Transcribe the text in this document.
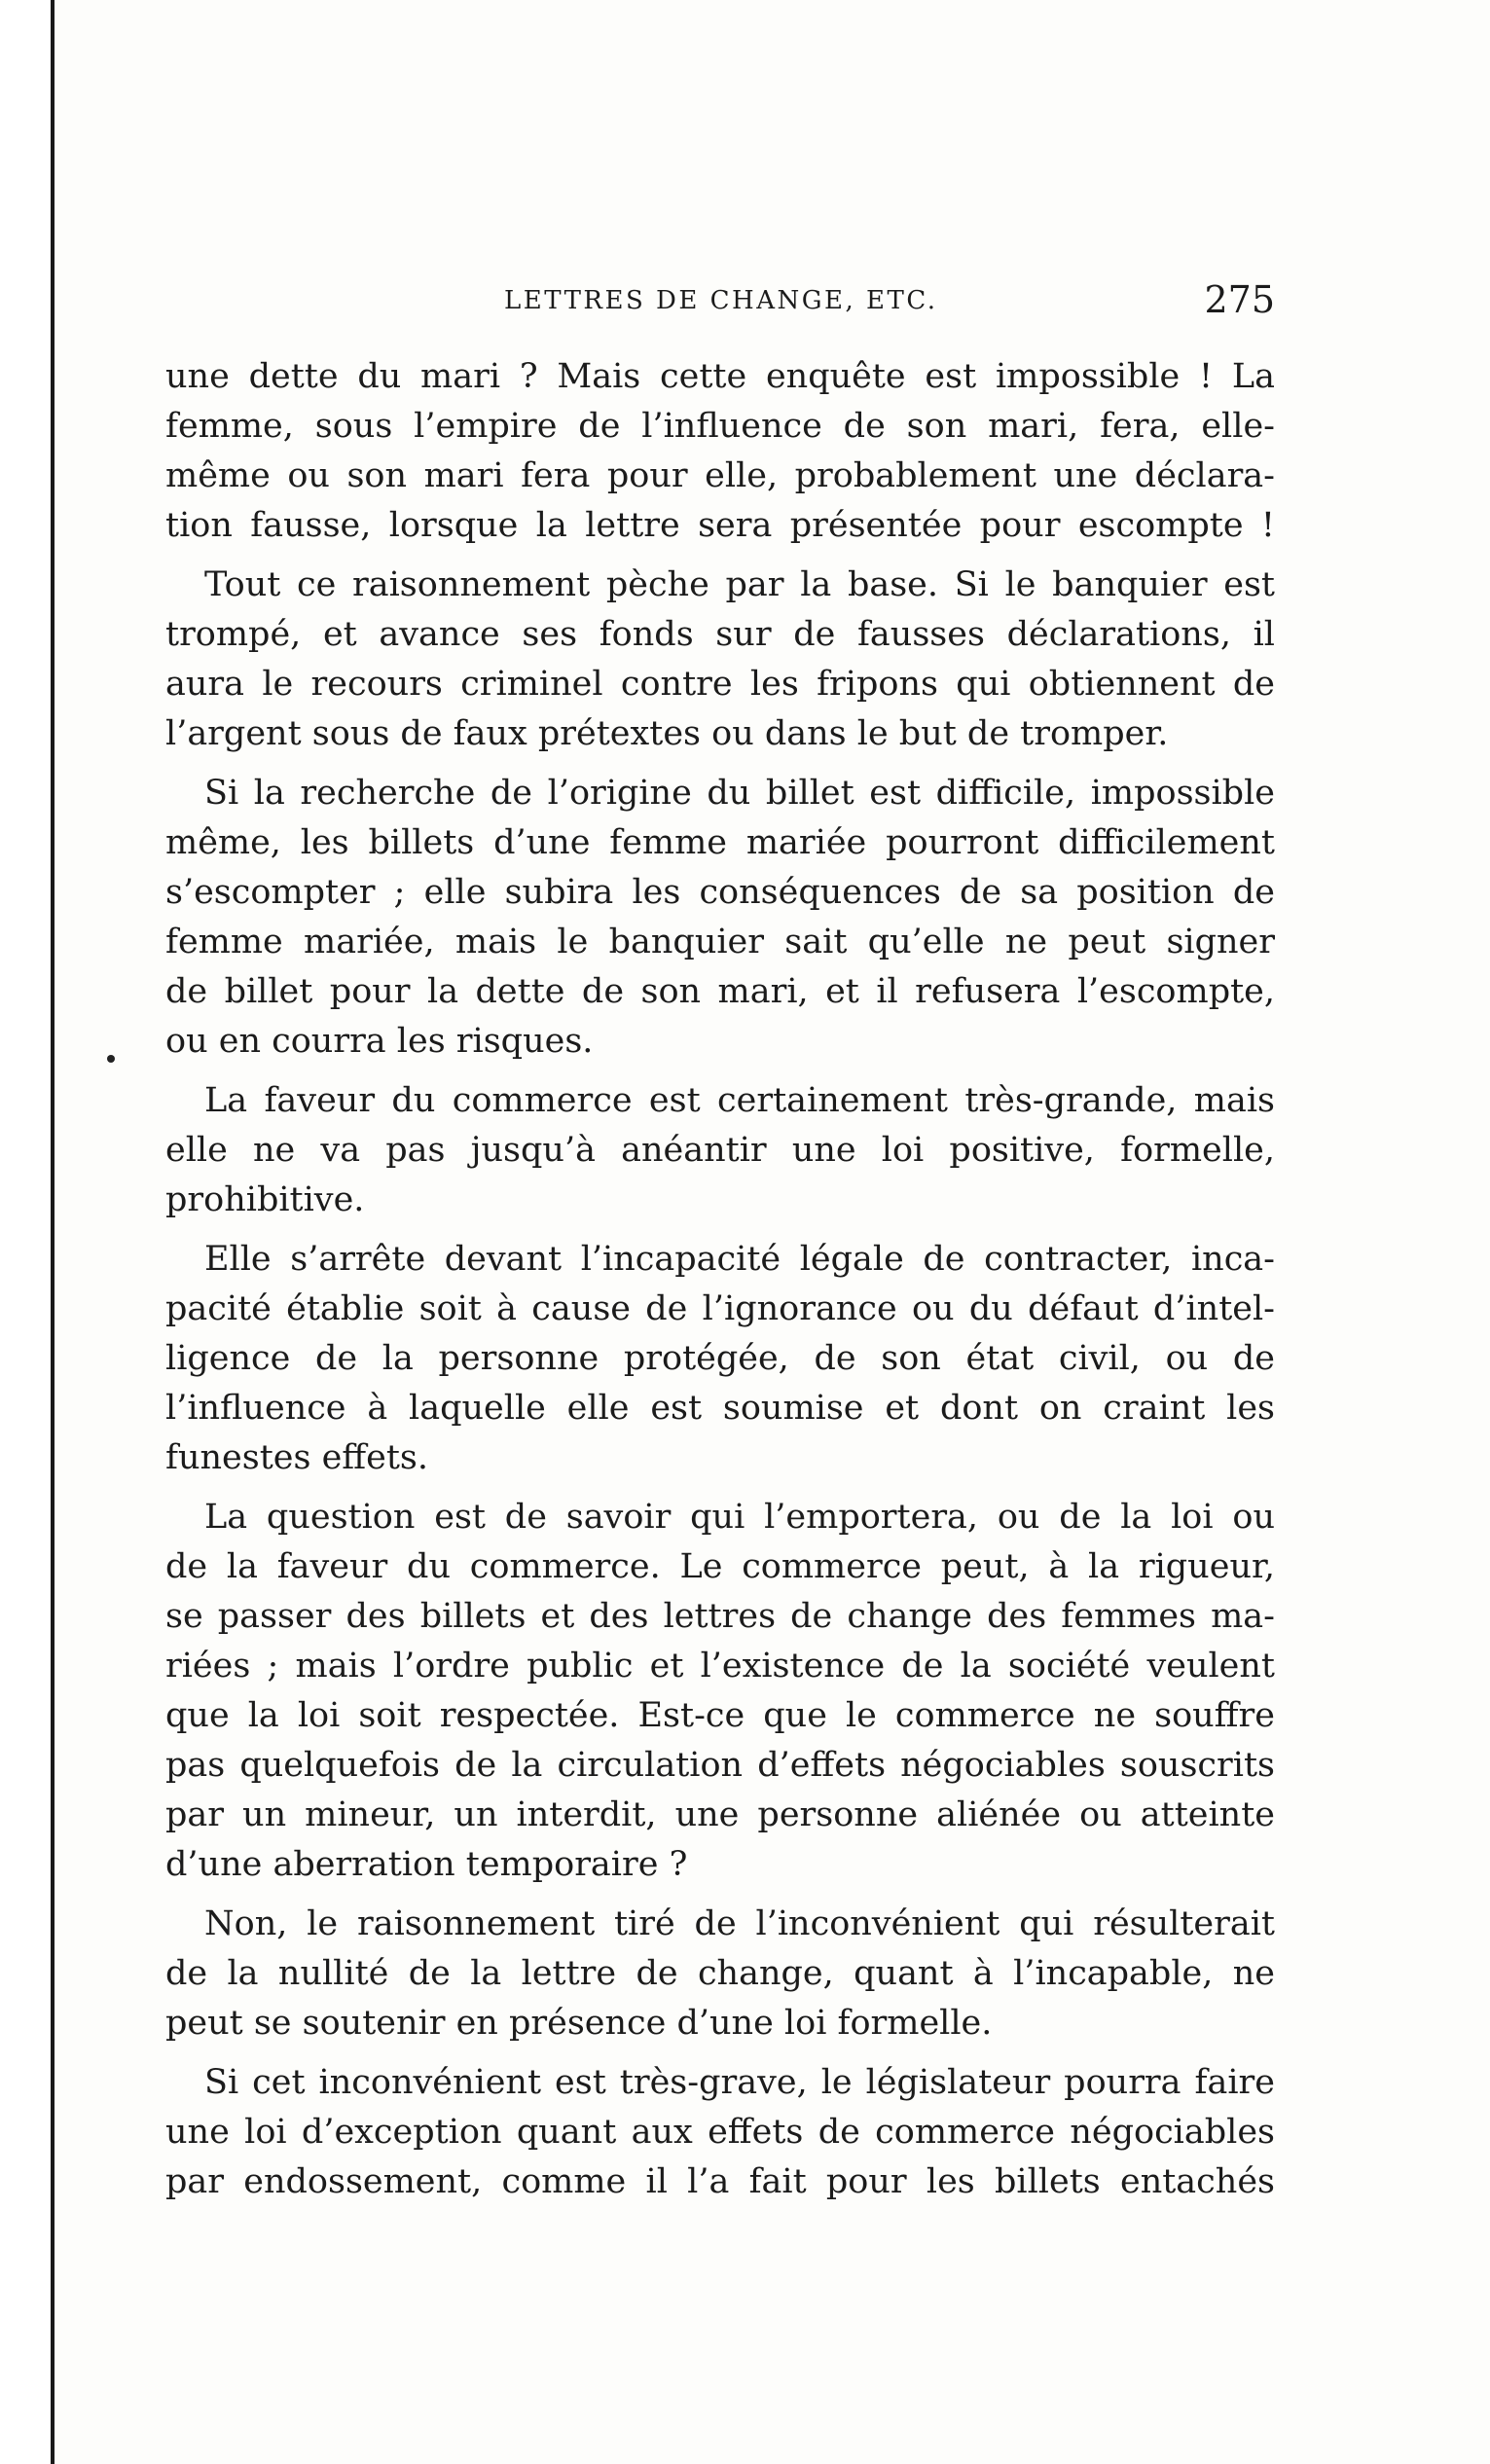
LETTRES DE CHANGE, ETC.	275

une dette du mari ? Mais cette enquête est impossible ! La
femme, sous l’empire de l’influence de son mari, fera, elle-
même ou son mari fera pour elle, probablement une déclara-
tion fausse, lorsque la lettre sera présentée pour escompte !

Tout ce raisonnement pèche par la base. Si le banquier est
trompé, et avance ses fonds sur de fausses déclarations, il
aura le recours criminel contre les fripons qui obtiennent de
l’argent sous de faux prétextes ou dans le but de tromper.

Si la recherche de l’origine du billet est difficile, impossible
même, les billets d’une femme mariée pourront difficilement
s’escompter ; elle subira les conséquences de sa position de
femme mariée, mais le banquier sait qu’elle ne peut signer
de billet pour la dette de son mari, et il refusera l’escompte,
ou en courra les risques.

La faveur du commerce est certainement très-grande, mais
elle ne va pas jusqu’à anéantir une loi positive, formelle,
prohibitive.

Elle s’arrête devant l’incapacité légale de contracter, inca-
pacité établie soit à cause de l’ignorance ou du défaut d’intel-
ligence de la personne protégée, de son état civil, ou de
l’influence à laquelle elle est soumise et dont on craint les
funestes effets.

La question est de savoir qui l’emportera, ou de la loi ou
de la faveur du commerce. Le commerce peut, à la rigueur,
se passer des billets et des lettres de change des femmes ma-
riées ; mais l’ordre public et l’existence de la société veulent
que la loi soit respectée. Est-ce que le commerce ne souffre
pas quelquefois de la circulation d’effets négociables souscrits
par un mineur, un interdit, une personne aliénée ou atteinte
d’une aberration temporaire ?

Non, le raisonnement tiré de l’inconvénient qui résulterait
de la nullité de la lettre de change, quant à l’incapable, ne
peut se soutenir en présence d’une loi formelle.

Si cet inconvénient est très-grave, le législateur pourra faire
une loi d’exception quant aux effets de commerce négociables
par endossement, comme il l’a fait pour les billets entachés
